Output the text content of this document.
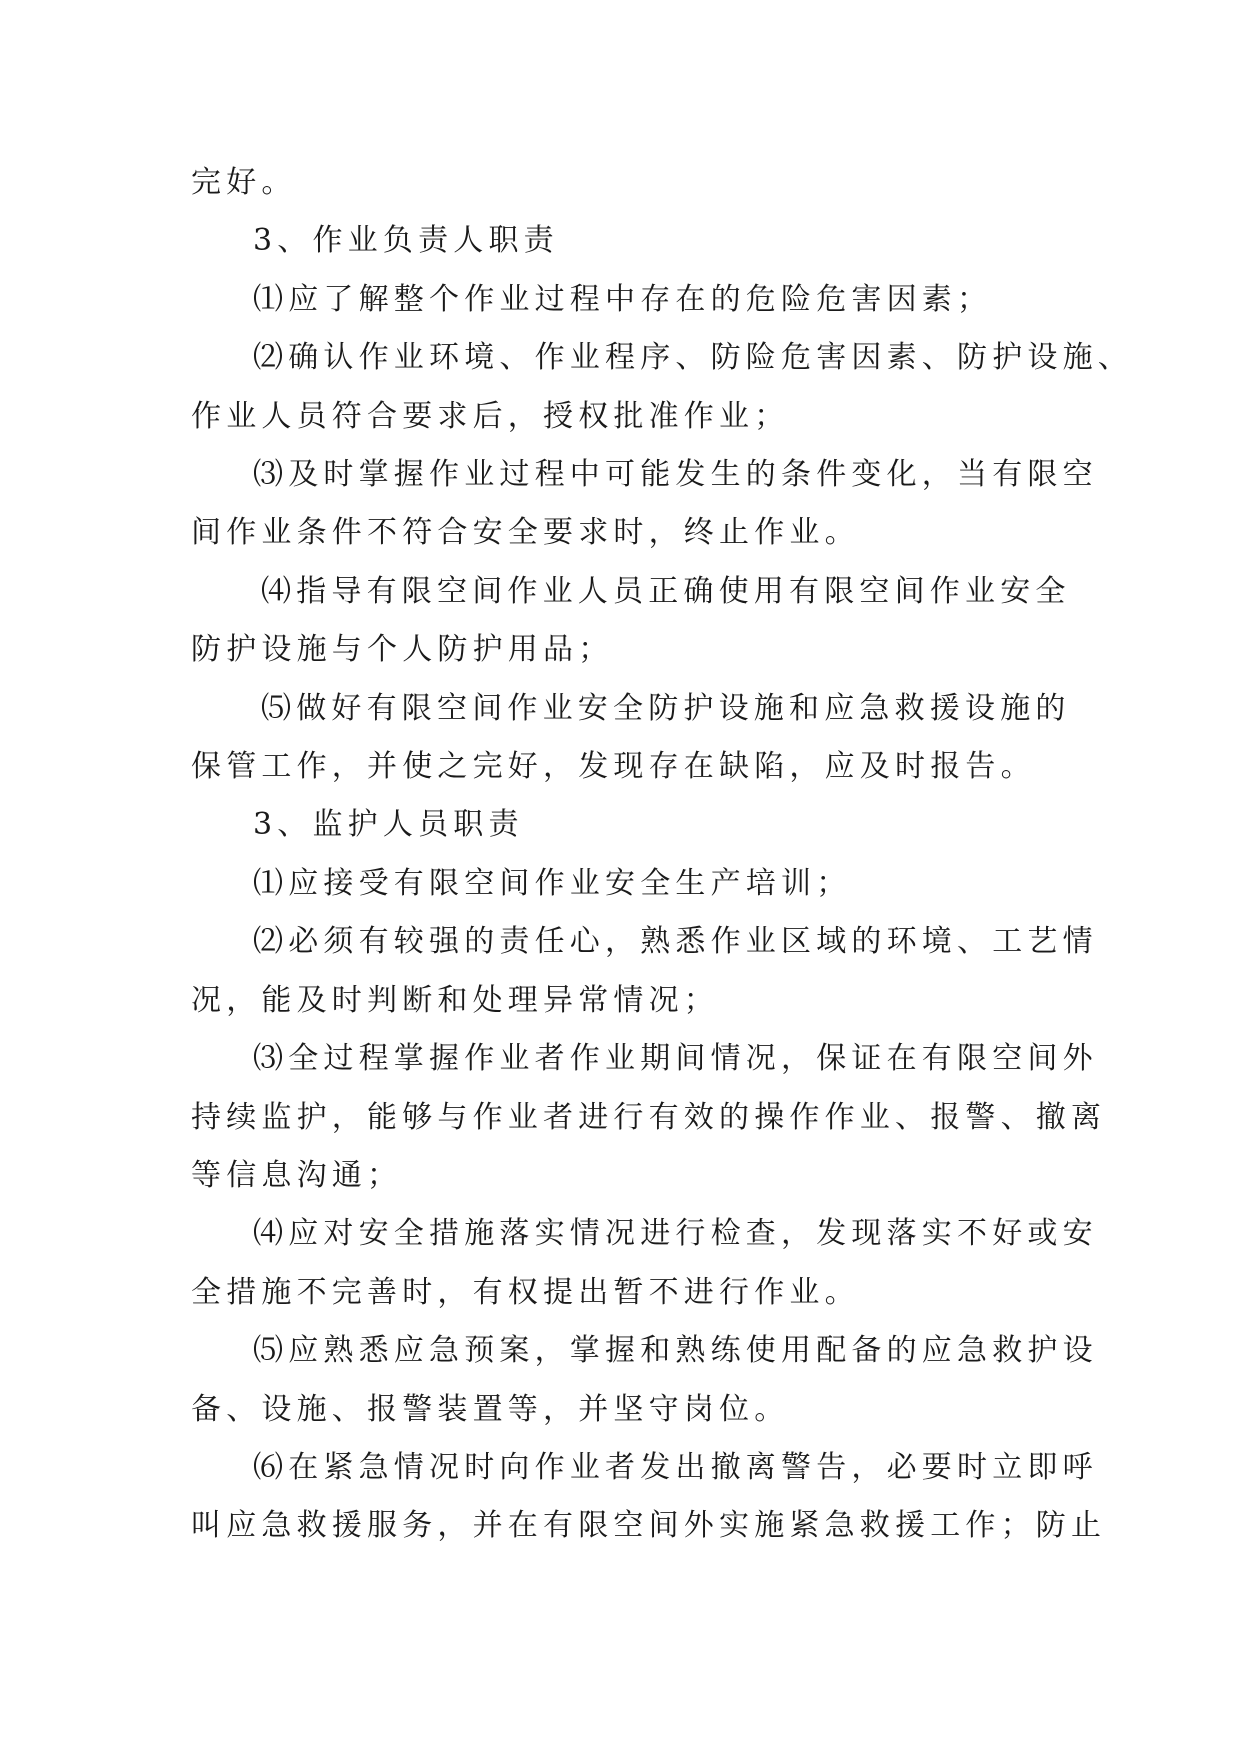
完好。

3、作业负责人职责

⑴应了解整个作业过程中存在的危险危害因素；

⑵确认作业环境、作业程序、防险危害因素、防护设施、

作业人员符合要求后，授权批准作业；

⑶及时掌握作业过程中可能发生的条件变化，当有限空

间作业条件不符合安全要求时，终止作业。

⑷指导有限空间作业人员正确使用有限空间作业安全

防护设施与个人防护用品；

⑸做好有限空间作业安全防护设施和应急救援设施的

保管工作，并使之完好，发现存在缺陷，应及时报告。

3、监护人员职责

⑴应接受有限空间作业安全生产培训；

⑵必须有较强的责任心，熟悉作业区域的环境、工艺情

况，能及时判断和处理异常情况；

⑶全过程掌握作业者作业期间情况，保证在有限空间外

持续监护，能够与作业者进行有效的操作作业、报警、撤离

等信息沟通；

⑷应对安全措施落实情况进行检查，发现落实不好或安

全措施不完善时，有权提出暂不进行作业。

⑸应熟悉应急预案，掌握和熟练使用配备的应急救护设

备、设施、报警装置等，并坚守岗位。

⑹在紧急情况时向作业者发出撤离警告，必要时立即呼

叫应急救援服务，并在有限空间外实施紧急救援工作；防止
